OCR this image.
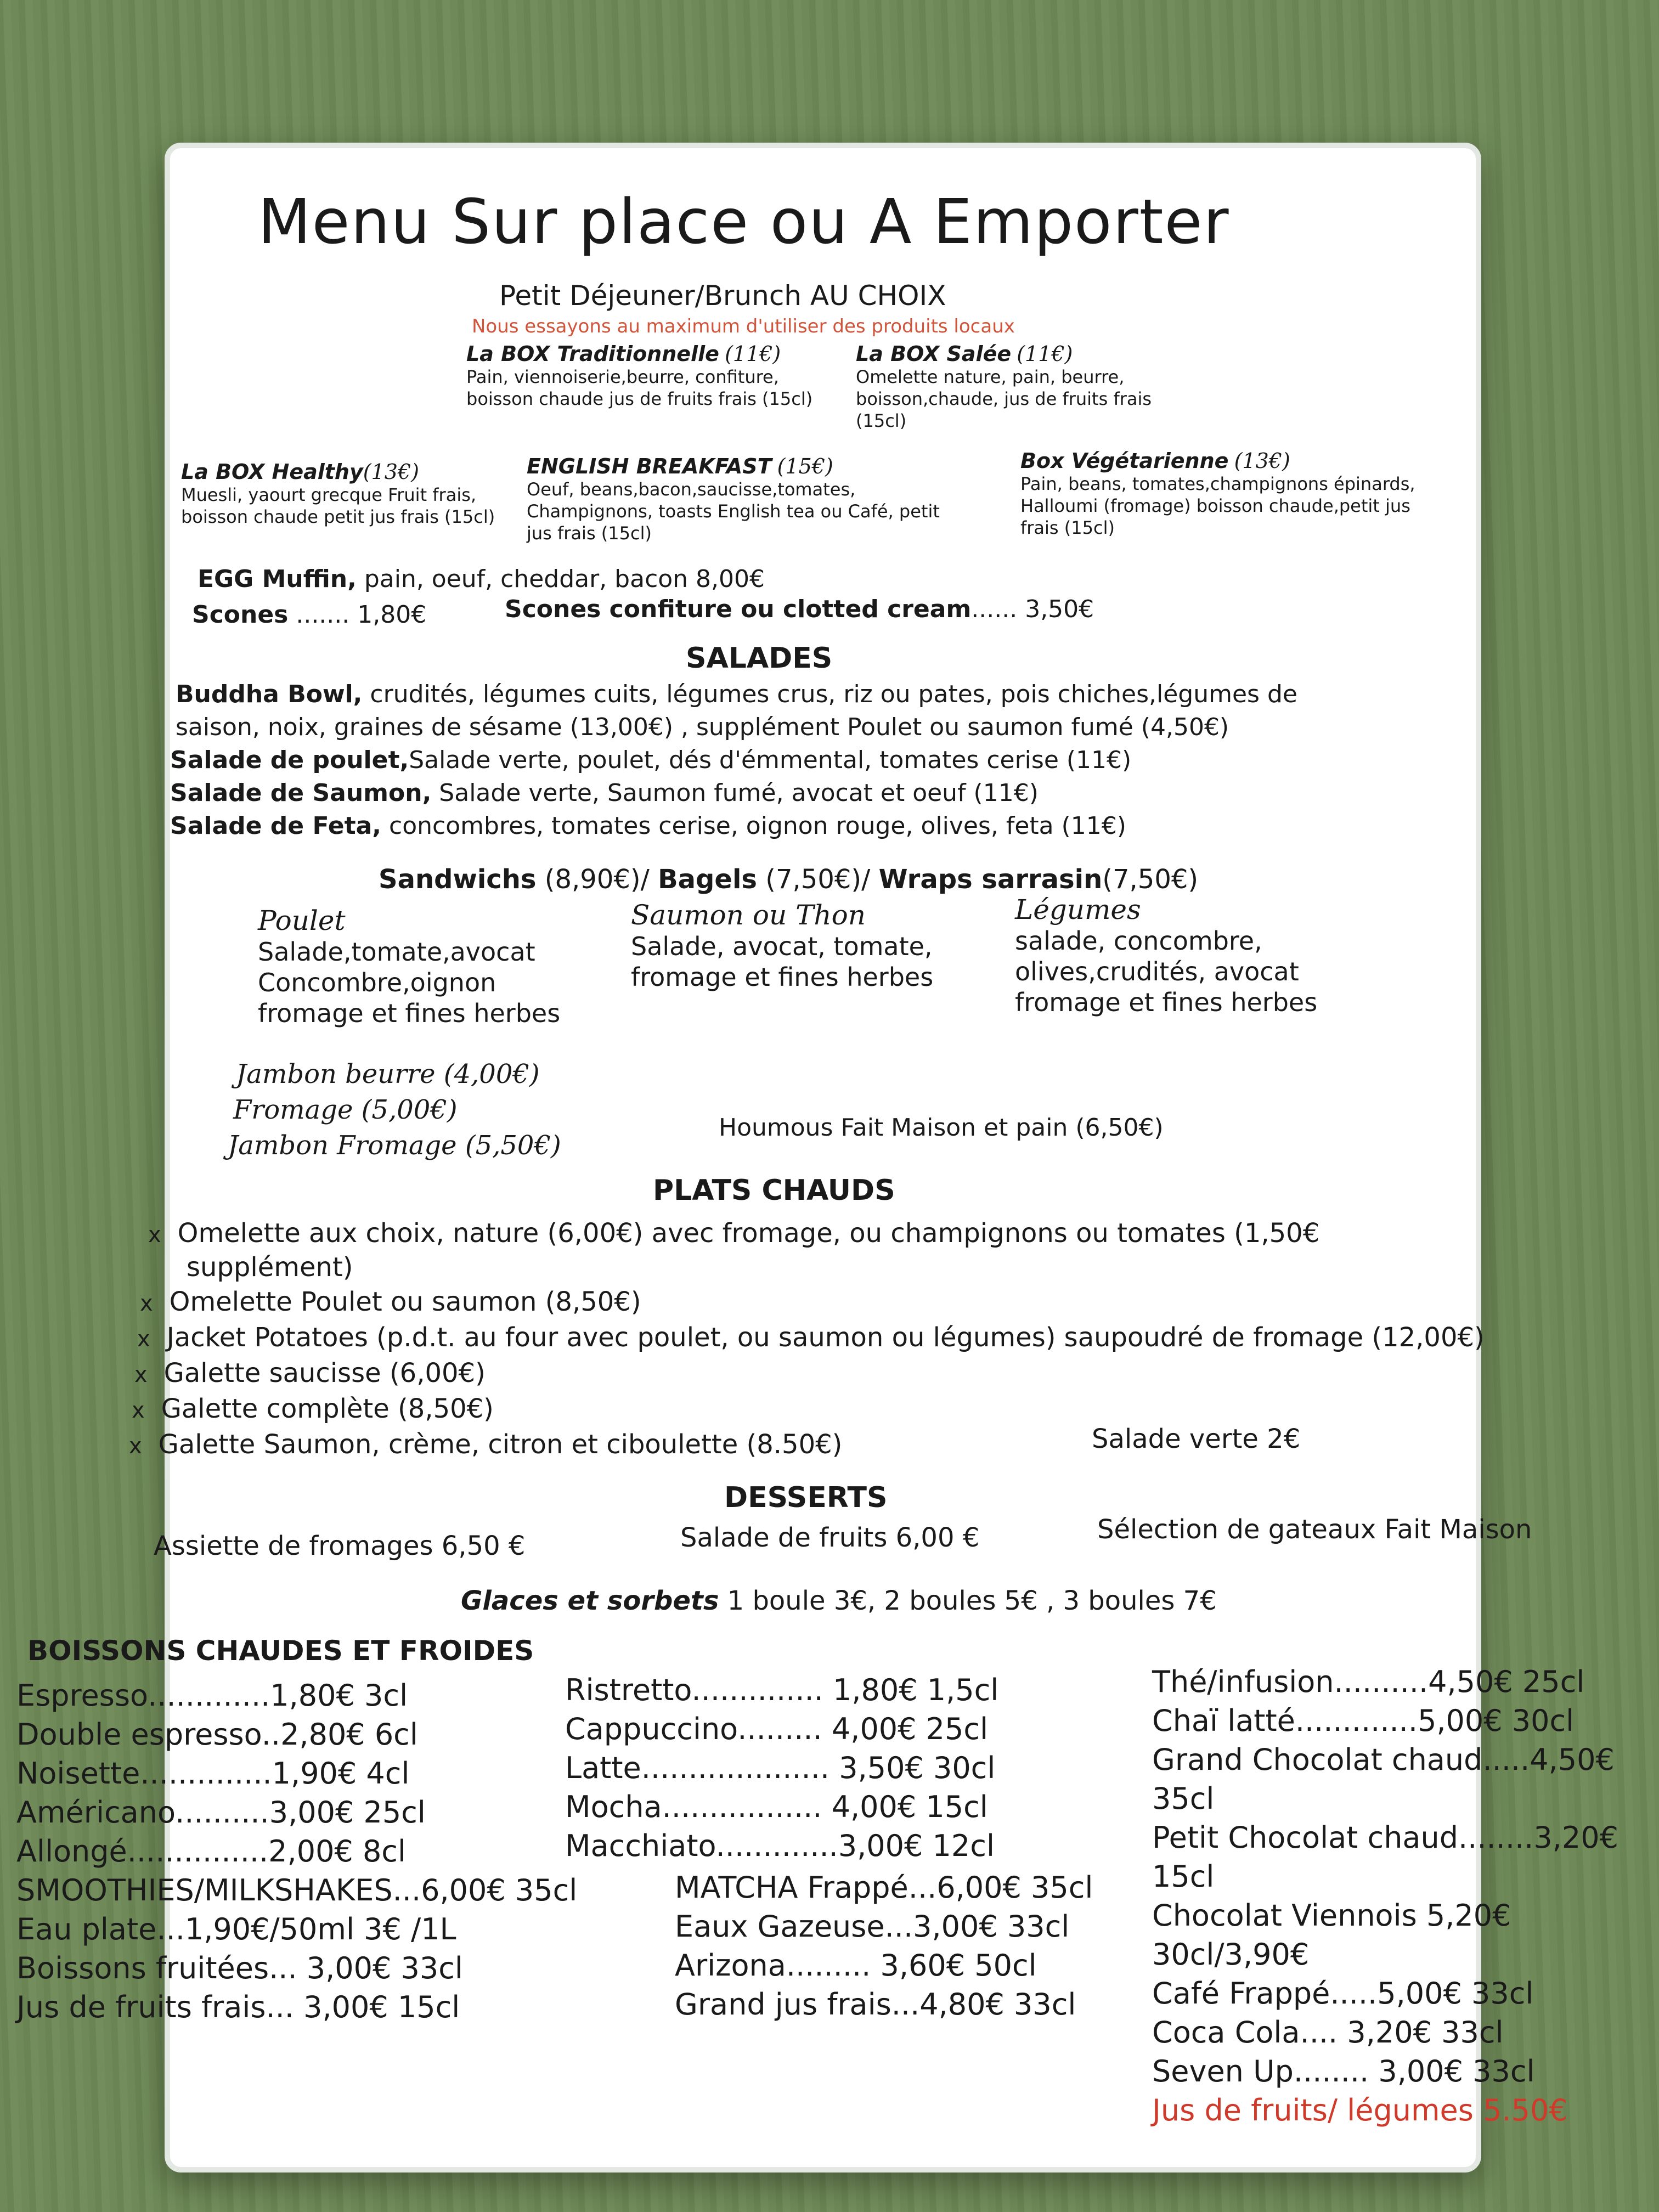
Menu Sur place ou A Emporter
Petit Déjeuner/Brunch AU CHOIX
Nous essayons au maximum d'utiliser des produits locaux
La BOX Traditionnelle (11€)
Pain, viennoiserie,beurre, confiture, boisson chaude jus de fruits frais (15cl)
La BOX Salée (11€)
Omelette nature, pain, beurre, boisson,chaude, jus de fruits frais (15cl)
La BOX Healthy(13€)
Muesli, yaourt grecque Fruit frais, boisson chaude petit jus frais (15cl)
ENGLISH BREAKFAST (15€)
Oeuf, beans,bacon,saucisse,tomates, Champignons, toasts English tea ou Café, petit jus frais (15cl)
Box Végétarienne (13€)
Pain, beans, tomates,champignons épinards, Halloumi (fromage) boisson chaude,petit jus frais (15cl)
EGG Muffin, pain, oeuf, cheddar, bacon 8,00€
Scones ....... 1,80€	Scones confiture ou clotted cream...... 3,50€
SALADES
Buddha Bowl, crudités, légumes cuits, légumes crus, riz ou pates, pois chiches,légumes de
saison, noix, graines de sésame (13,00€) , supplément Poulet ou saumon fumé (4,50€)
Salade de poulet,Salade verte, poulet, dés d'émmental, tomates cerise (11€)
Salade de Saumon, Salade verte, Saumon fumé, avocat et oeuf (11€)
Salade de Feta, concombres, tomates cerise, oignon rouge, olives, feta (11€)
Sandwichs (8,90€)/ Bagels (7,50€)/ Wraps sarrasin(7,50€)
Poulet
Salade,tomate,avocat Concombre,oignon fromage et fines herbes
Saumon ou Thon
Salade, avocat, tomate, fromage et fines herbes
Légumes
salade, concombre, olives,crudités, avocat fromage et fines herbes
Jambon beurre (4,00€)
Fromage (5,00€)
Jambon Fromage (5,50€)
Houmous Fait Maison et pain (6,50€)
PLATS CHAUDS
x Omelette aux choix, nature (6,00€) avec fromage, ou champignons ou tomates (1,50€
supplément)
x Omelette Poulet ou saumon (8,50€)
x Jacket Potatoes (p.d.t. au four avec poulet, ou saumon ou légumes) saupoudré de fromage (12,00€)
x Galette saucisse (6,00€)
x Galette complète (8,50€)
x Galette Saumon, crème, citron et ciboulette (8.50€)	Salade verte 2€
DESSERTS
Assiette de fromages 6,50 €	Salade de fruits 6,00 €	Sélection de gateaux Fait Maison
Glaces et sorbets 1 boule 3€, 2 boules 5€ , 3 boules 7€
BOISSONS CHAUDES ET FROIDES
Espresso.............1,80€ 3cl
Double espresso..2,80€ 6cl
Noisette..............1,90€ 4cl
Américano..........3,00€ 25cl
Allongé...............2,00€ 8cl
SMOOTHIES/MILKSHAKES...6,00€ 35cl
Eau plate...1,90€/50ml 3€ /1L
Boissons fruitées... 3,00€ 33cl
Jus de fruits frais... 3,00€ 15cl
Ristretto.............. 1,80€ 1,5cl
Cappuccino......... 4,00€ 25cl
Latte.................... 3,50€ 30cl
Mocha................. 4,00€ 15cl
Macchiato.............3,00€ 12cl
MATCHA Frappé...6,00€ 35cl
Eaux Gazeuse...3,00€ 33cl
Arizona......... 3,60€ 50cl
Grand jus frais...4,80€ 33cl
Thé/infusion..........4,50€ 25cl
Chaï latté.............5,00€ 30cl
Grand Chocolat chaud.....4,50€ 35cl
Petit Chocolat chaud........3,20€ 15cl
Chocolat Viennois 5,20€ 30cl/3,90€
Café Frappé.....5,00€ 33cl
Coca Cola.... 3,20€ 33cl
Seven Up........ 3,00€ 33cl
Jus de fruits/ légumes 5.50€
